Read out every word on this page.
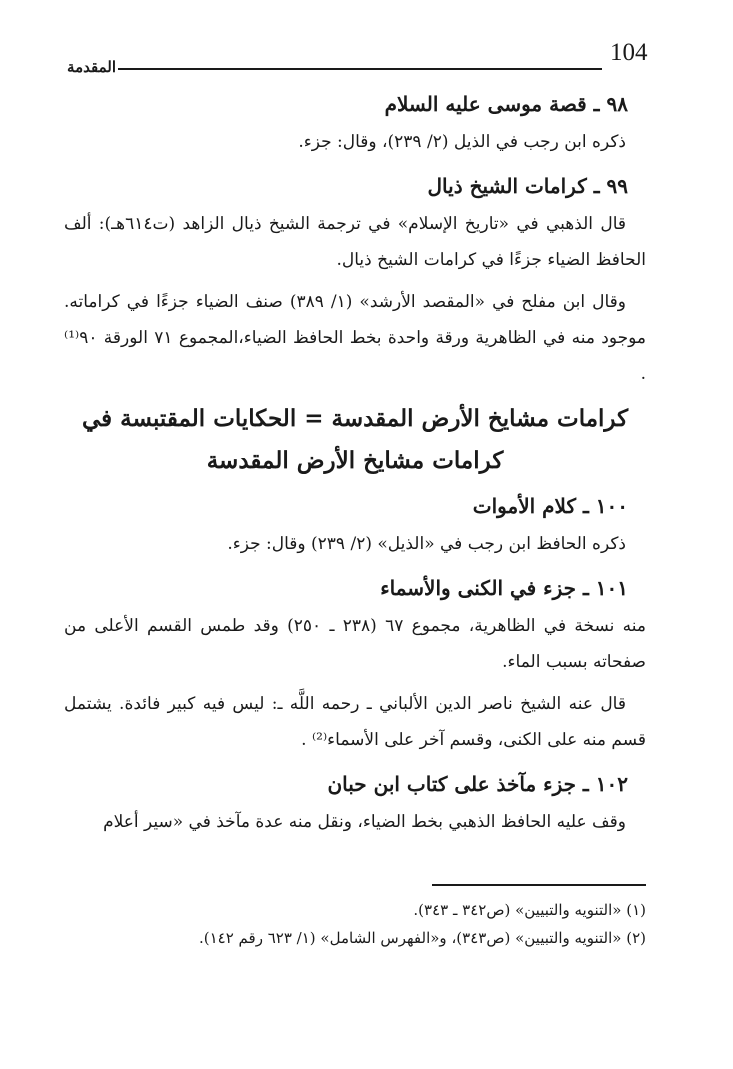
المقدمة
104
٩٨ ـ قصة موسى عليه السلام

ذكره ابن رجب في الذيل (٢/ ٢٣٩)، وقال: جزء.

٩٩ ـ كرامات الشيخ ذيال

قال الذهبي في «تاريخ الإسلام» في ترجمة الشيخ ذيال الزاهد (ت٦١٤هـ): ألف الحافظ الضياء جزءًا في كرامات الشيخ ذيال.

وقال ابن مفلح في «المقصد الأرشد» (١/ ٣٨٩) صنف الضياء جزءًا في كراماته. موجود منه في الظاهرية ورقة واحدة بخط الحافظ الضياء،المجموع ٧١ الورقة ٩٠⁽¹⁾ .

كرامات مشايخ الأرض المقدسة = الحكايات المقتبسة في كرامات مشايخ الأرض المقدسة
١٠٠ ـ كلام الأموات

ذكره الحافظ ابن رجب في «الذيل» (٢/ ٢٣٩) وقال: جزء.

١٠١ ـ جزء في الكنى والأسماء

منه نسخة في الظاهرية، مجموع ٦٧ (٢٣٨ ـ ٢٥٠) وقد طمس القسم الأعلى من صفحاته بسبب الماء.

قال عنه الشيخ ناصر الدين الألباني ـ رحمه اللَّه ـ: ليس فيه كبير فائدة. يشتمل قسم منه على الكنى، وقسم آخر على الأسماء⁽²⁾ .

١٠٢ ـ جزء مآخذ على كتاب ابن حبان

وقف عليه الحافظ الذهبي بخط الضياء، ونقل منه عدة مآخذ في «سير أعلام

(١) «التنويه والتبيين» (ص٣٤٢ ـ ٣٤٣).

(٢) «التنويه والتبيين» (ص٣٤٣)، و«الفهرس الشامل» (١/ ٦٢٣ رقم ١٤٢).
